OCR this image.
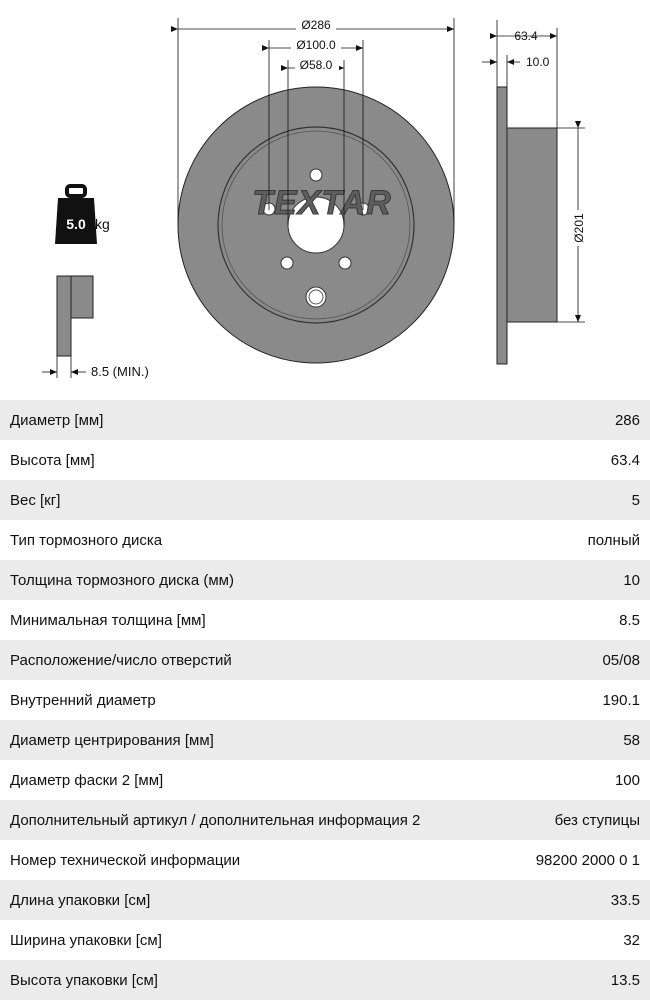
TEXTAR
Ø286
Ø100.0
Ø58.0
63.4
10.0
Ø201
5.0 kg
8.5 (MIN.)
Диаметр [мм]	286
Высота [мм]	63.4
Вес [кг]	5
Тип тормозного диска	полный
Толщина тормозного диска (мм)	10
Минимальная толщина [мм]	8.5
Расположение/число отверстий	05/08
Внутренний диаметр	190.1
Диаметр центрирования [мм]	58
Диаметр фаски 2 [мм]	100
Дополнительный артикул / дополнительная информация 2	без ступицы
Номер технической информации	98200 2000 0 1
Длина упаковки [см]	33.5
Ширина упаковки [см]	32
Высота упаковки [см]	13.5
